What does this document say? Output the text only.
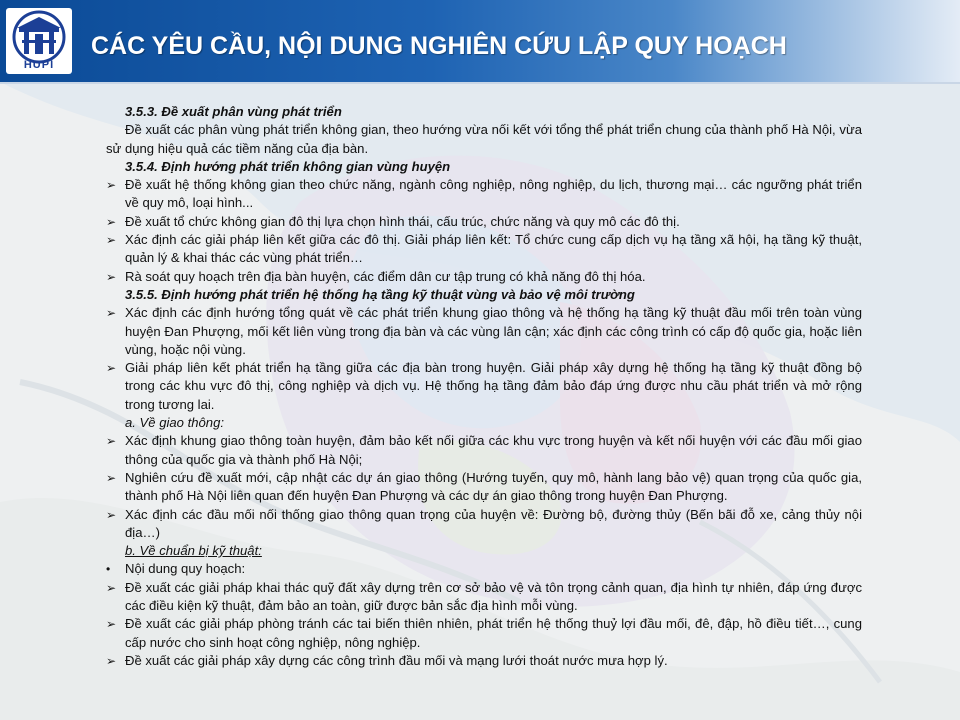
HUPI
CÁC YÊU CẦU, NỘI DUNG NGHIÊN CỨU LẬP QUY HOẠCH

3.5.3. Đề xuất phân vùng phát triển

Đề xuất các phân vùng phát triển không gian, theo hướng vừa nối kết với tổng thể phát triển chung của thành phố Hà Nội, vừa sử dụng hiệu quả các tiềm năng của địa bàn.

3.5.4. Định hướng phát triển không gian vùng huyện

➢ Đề xuất hệ thống không gian theo chức năng, ngành công nghiệp, nông nghiệp, du lịch, thương mại… các ngưỡng phát triển về quy mô, loại hình...

➢ Đề xuất tổ chức không gian đô thị lựa chọn hình thái, cấu trúc, chức năng và quy mô các đô thị.

➢ Xác định các giải pháp liên kết giữa các đô thị. Giải pháp liên kết: Tổ chức cung cấp dịch vụ hạ tầng xã hội, hạ tầng kỹ thuật, quản lý & khai thác các vùng phát triển…

➢ Rà soát quy hoạch trên địa bàn huyện, các điểm dân cư tập trung có khả năng đô thị hóa.

3.5.5. Định hướng phát triển hệ thống hạ tầng kỹ thuật vùng và bảo vệ môi trường

➢ Xác định các định hướng tổng quát về các phát triển khung giao thông và hệ thống hạ tầng kỹ thuật đầu mối trên toàn vùng huyện Đan Phượng, mối kết liên vùng trong địa bàn và các vùng lân cận; xác định các công trình có cấp độ quốc gia, hoặc liên vùng, hoặc nội vùng.

➢ Giải pháp liên kết phát triển hạ tầng giữa các địa bàn trong huyện. Giải pháp xây dựng hệ thống hạ tầng kỹ thuật đồng bộ trong các khu vực đô thị, công nghiệp và dịch vụ. Hệ thống hạ tầng đảm bảo đáp ứng được nhu cầu phát triển và mở rộng trong tương lai.

a. Về giao thông:

➢ Xác định khung giao thông toàn huyện, đảm bảo kết nối giữa các khu vực trong huyện và kết nối huyện với các đầu mối giao thông của quốc gia và thành phố Hà Nội;

➢ Nghiên cứu đề xuất mới, cập nhật các dự án giao thông (Hướng tuyến, quy mô, hành lang bảo vệ) quan trọng của quốc gia, thành phố Hà Nội liên quan đến huyện Đan Phượng và các dự án giao thông trong huyện Đan Phượng.

➢ Xác định các đầu mối nối thống giao thông quan trọng của huyện về: Đường bộ, đường thủy (Bến bãi đỗ xe, cảng thủy nội địa…)

b. Về chuẩn bị kỹ thuật:

• Nội dung quy hoạch:

➢ Đề xuất các giải pháp khai thác quỹ đất xây dựng trên cơ sở bảo vệ và tôn trọng cảnh quan, địa hình tự nhiên, đáp ứng được các điều kiện kỹ thuật, đảm bảo an toàn, giữ được bản sắc địa hình mỗi vùng.

➢ Đề xuất các giải pháp phòng tránh các tai biến thiên nhiên, phát triển hệ thống thuỷ lợi đầu mối, đê, đập, hồ điều tiết…, cung cấp nước cho sinh hoạt công nghiệp, nông nghiệp.

➢ Đề xuất các giải pháp xây dựng các công trình đầu mối và mạng lưới thoát nước mưa hợp lý.
